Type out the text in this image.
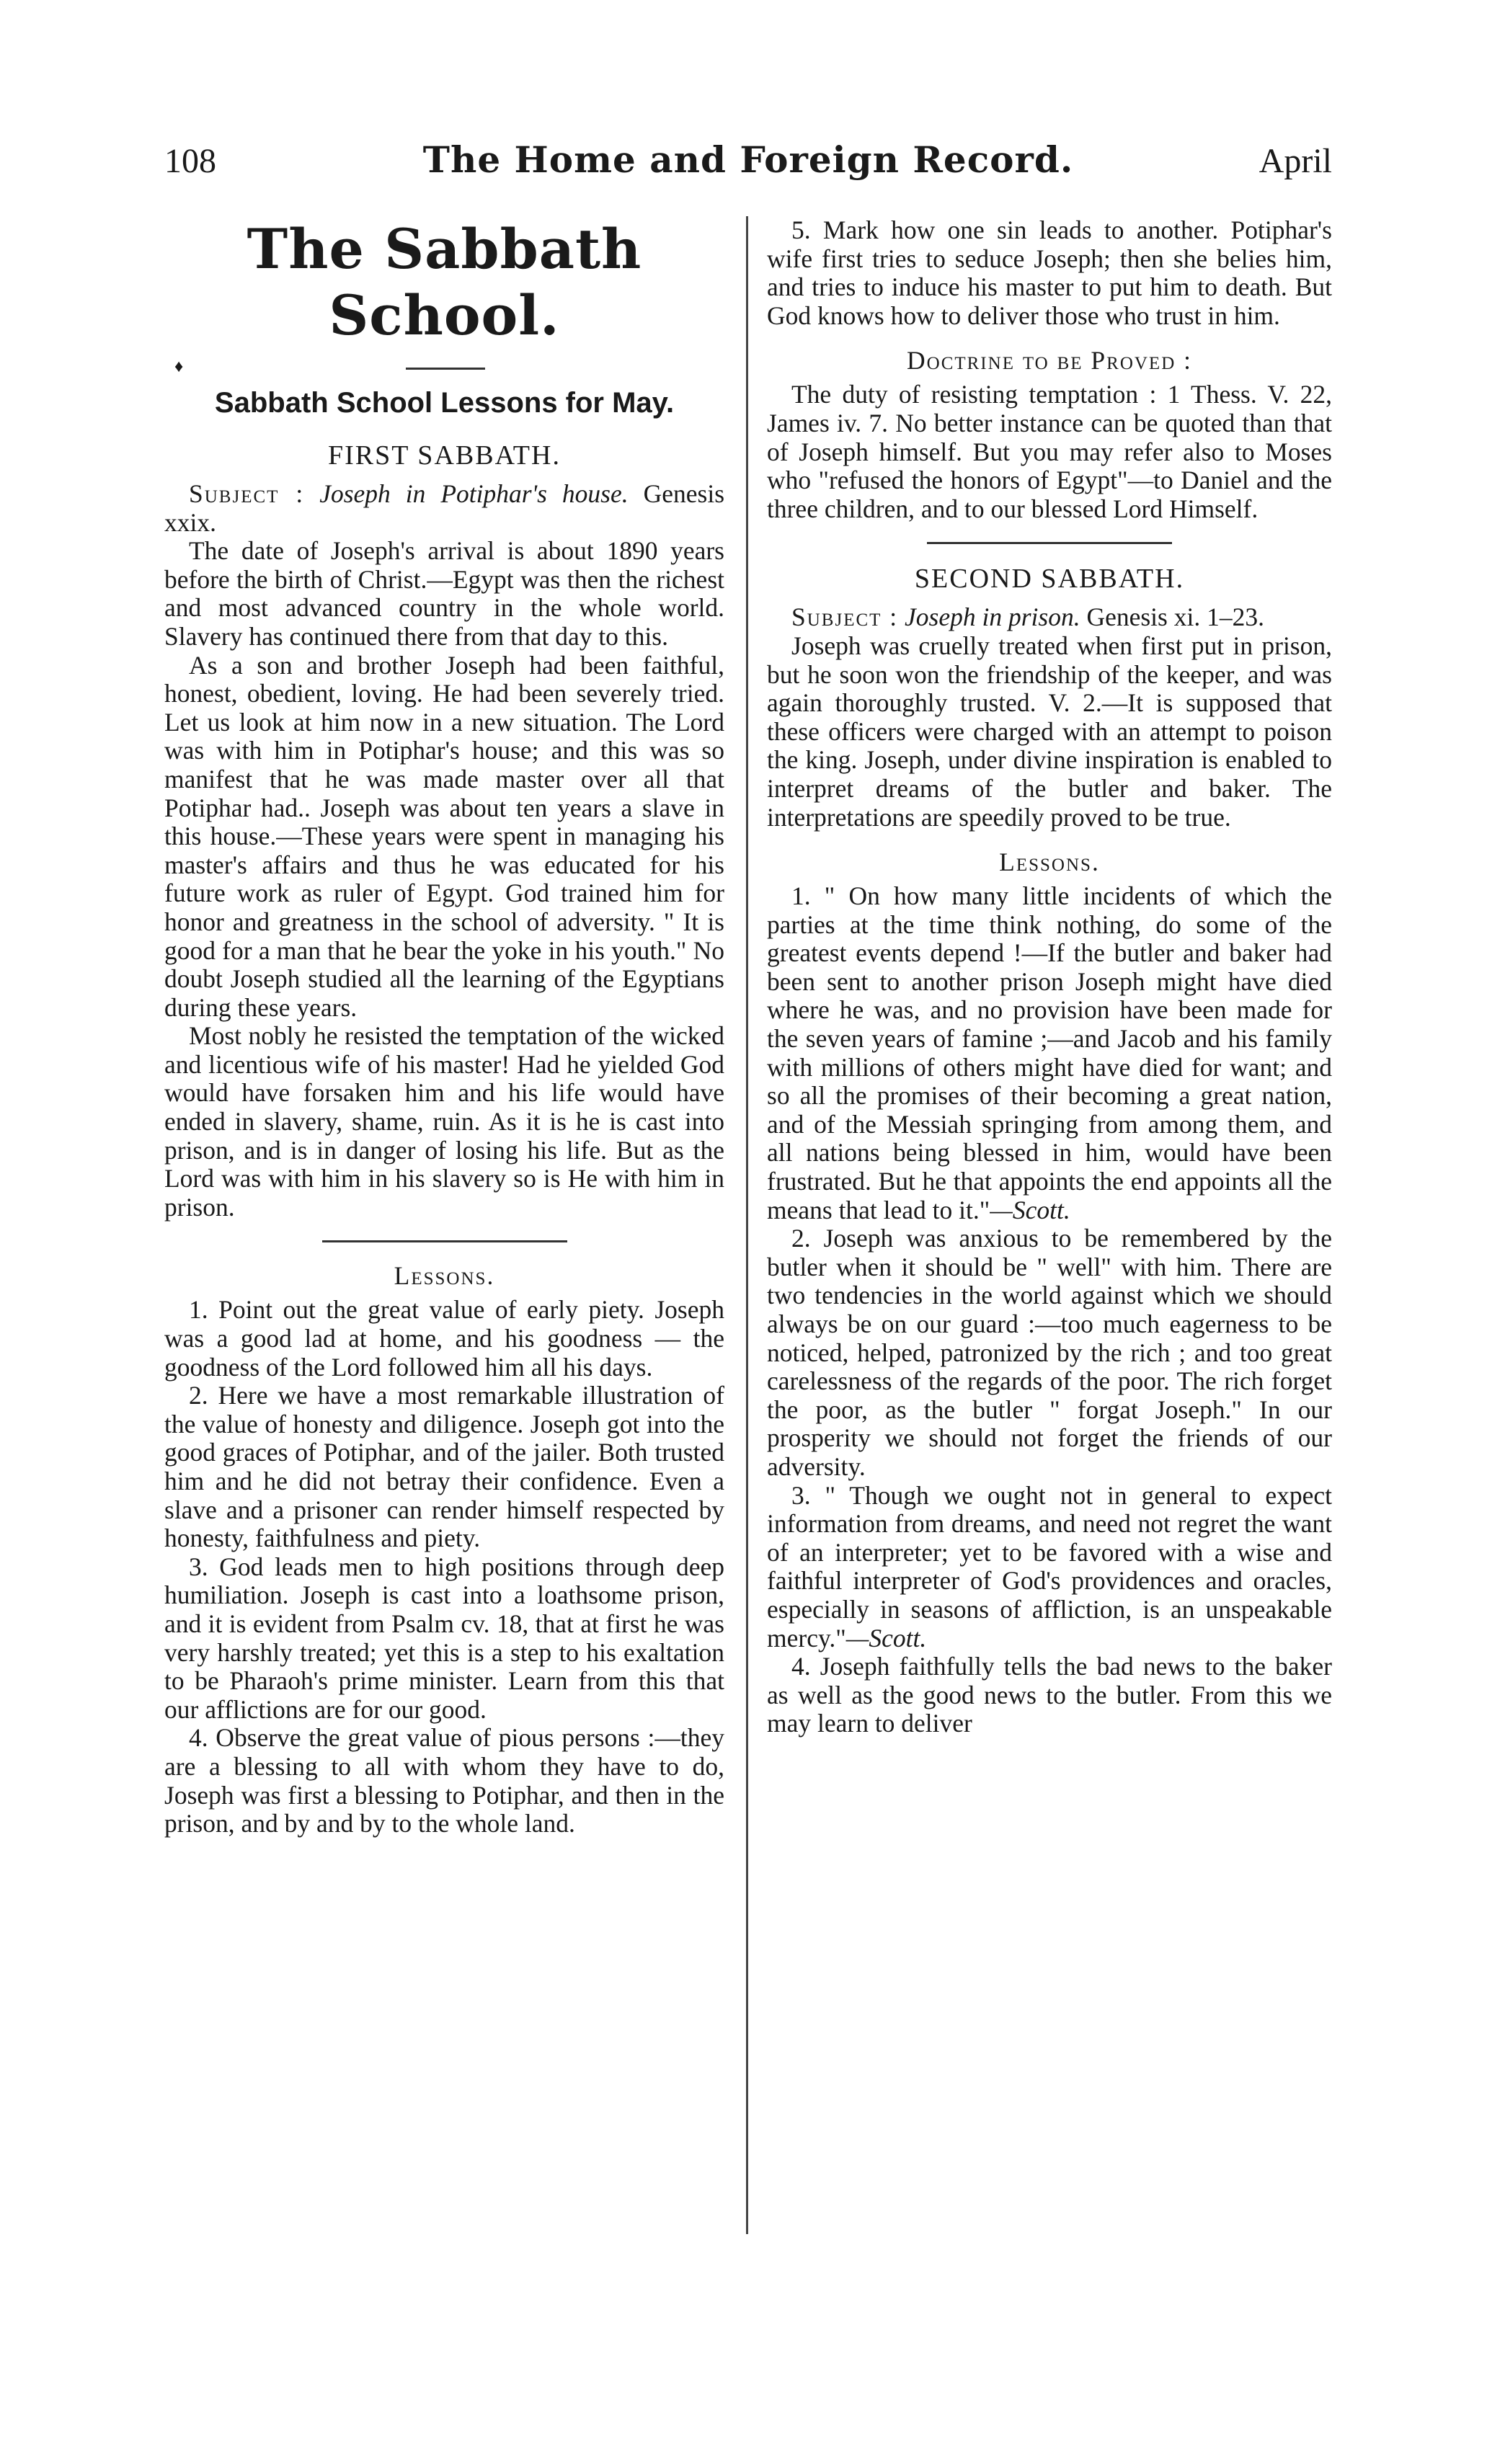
108	The Home and Foreign Record.	April
The Sabbath School.
♦
Sabbath School Lessons for May.
FIRST SABBATH.

Subject : Joseph in Potiphar's house. Genesis xxix.

The date of Joseph's arrival is about 1890 years before the birth of Christ.—Egypt was then the richest and most advanced country in the whole world. Slavery has continued there from that day to this.

As a son and brother Joseph had been faithful, honest, obedient, loving. He had been severely tried. Let us look at him now in a new situation. The Lord was with him in Potiphar's house; and this was so manifest that he was made master over all that Potiphar had.. Joseph was about ten years a slave in this house.—These years were spent in managing his master's affairs and thus he was educated for his future work as ruler of Egypt. God trained him for honor and greatness in the school of adversity. " It is good for a man that he bear the yoke in his youth." No doubt Joseph studied all the learning of the Egyptians during these years.

Most nobly he resisted the temptation of the wicked and licentious wife of his master! Had he yielded God would have forsaken him and his life would have ended in slavery, shame, ruin. As it is he is cast into prison, and is in danger of losing his life. But as the Lord was with him in his slavery so is He with him in prison.

Lessons.

1. Point out the great value of early piety. Joseph was a good lad at home, and his goodness — the goodness of the Lord followed him all his days.

2. Here we have a most remarkable illustration of the value of honesty and diligence. Joseph got into the good graces of Potiphar, and of the jailer. Both trusted him and he did not betray their confidence. Even a slave and a prisoner can render himself respected by honesty, faithfulness and piety.

3. God leads men to high positions through deep humiliation. Joseph is cast into a loathsome prison, and it is evident from Psalm cv. 18, that at first he was very harshly treated; yet this is a step to his exaltation to be Pharaoh's prime minister. Learn from this that our afflictions are for our good.

4. Observe the great value of pious persons :—they are a blessing to all with whom they have to do, Joseph was first a blessing to Potiphar, and then in the prison, and by and by to the whole land.

5. Mark how one sin leads to another. Potiphar's wife first tries to seduce Joseph; then she belies him, and tries to induce his master to put him to death. But God knows how to deliver those who trust in him.

Doctrine to be Proved :

The duty of resisting temptation : 1 Thess. V. 22, James iv. 7. No better instance can be quoted than that of Joseph himself. But you may refer also to Moses who "refused the honors of Egypt"—to Daniel and the three children, and to our blessed Lord Himself.

SECOND SABBATH.

Subject : Joseph in prison. Genesis xi. 1–23.

Joseph was cruelly treated when first put in prison, but he soon won the friendship of the keeper, and was again thoroughly trusted. V. 2.—It is supposed that these officers were charged with an attempt to poison the king. Joseph, under divine inspiration is enabled to interpret dreams of the butler and baker. The interpretations are speedily proved to be true.

Lessons.

1. " On how many little incidents of which the parties at the time think nothing, do some of the greatest events depend !—If the butler and baker had been sent to another prison Joseph might have died where he was, and no provision have been made for the seven years of famine ;—and Jacob and his family with millions of others might have died for want; and so all the promises of their becoming a great nation, and of the Messiah springing from among them, and all nations being blessed in him, would have been frustrated. But he that appoints the end appoints all the means that lead to it."—Scott.

2. Joseph was anxious to be remembered by the butler when it should be " well" with him. There are two tendencies in the world against which we should always be on our guard :—too much eagerness to be noticed, helped, patronized by the rich ; and too great carelessness of the regards of the poor. The rich forget the poor, as the butler " forgat Joseph." In our prosperity we should not forget the friends of our adversity.

3. " Though we ought not in general to expect information from dreams, and need not regret the want of an interpreter; yet to be favored with a wise and faithful interpreter of God's providences and oracles, especially in seasons of affliction, is an unspeakable mercy."—Scott.

4. Joseph faithfully tells the bad news to the baker as well as the good news to the butler. From this we may learn to deliver
